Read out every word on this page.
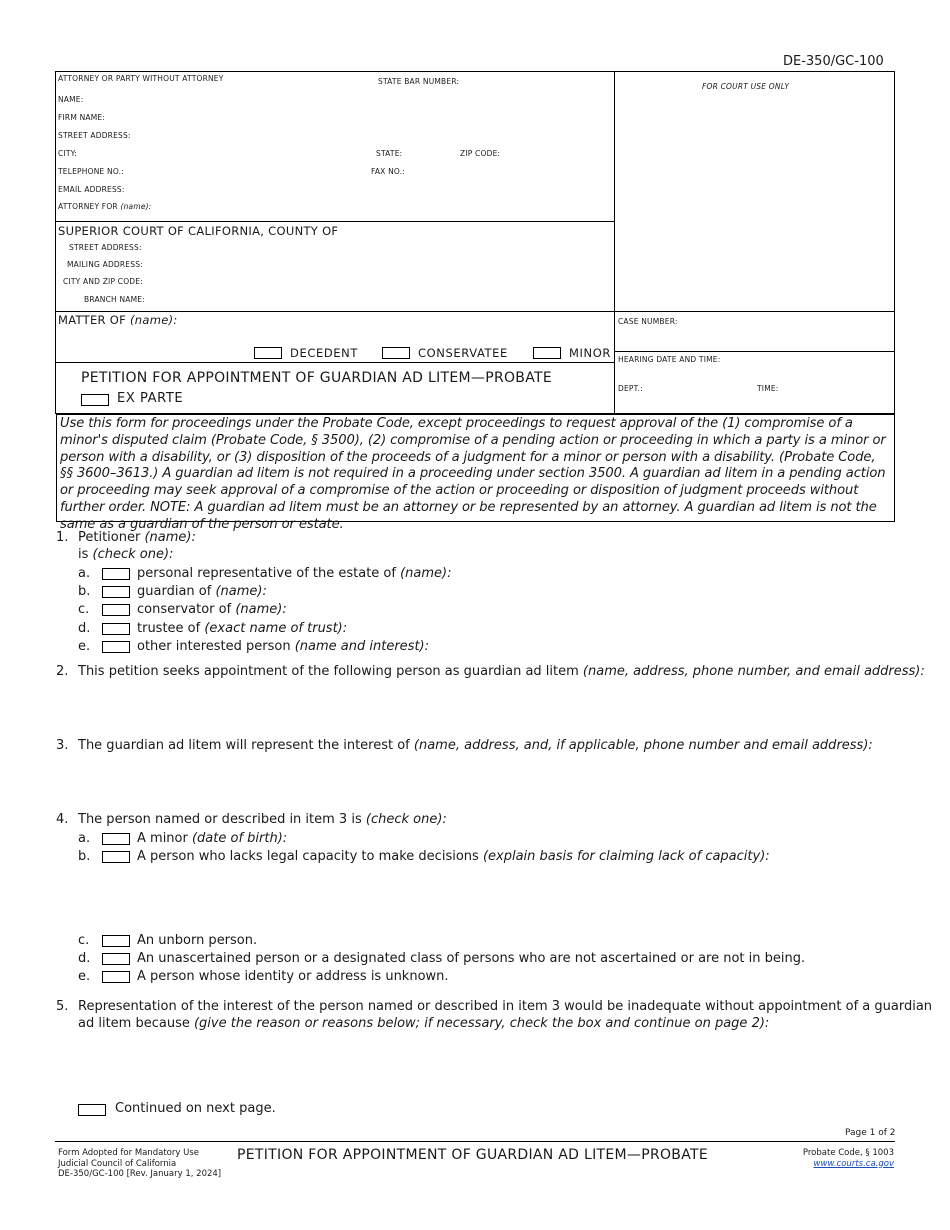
DE-350/GC-100
ATTORNEY OR PARTY WITHOUT ATTORNEY	STATE BAR NUMBER:
NAME:
FIRM NAME:
STREET ADDRESS:
CITY:	STATE:	ZIP CODE:
TELEPHONE NO.:	FAX NO.:
EMAIL ADDRESS:
ATTORNEY FOR (name):
FOR COURT USE ONLY
SUPERIOR COURT OF CALIFORNIA, COUNTY OF
STREET ADDRESS:
MAILING ADDRESS:
CITY AND ZIP CODE:
BRANCH NAME:
MATTER OF (name):
DECEDENT	CONSERVATEE	MINOR
CASE NUMBER:
HEARING DATE AND TIME:
DEPT.:	TIME:
PETITION FOR APPOINTMENT OF GUARDIAN AD LITEM—PROBATE
EX PARTE
Use this form for proceedings under the Probate Code, except proceedings to request approval of the (1) compromise of a minor's disputed claim (Probate Code, § 3500), (2) compromise of a pending action or proceeding in which a party is a minor or person with a disability, or (3) disposition of the proceeds of a judgment for a minor or person with a disability. (Probate Code, §§ 3600–3613.) A guardian ad litem is not required in a proceeding under section 3500. A guardian ad litem in a pending action or proceeding may seek approval of a compromise of the action or proceeding or disposition of judgment proceeds without further order. NOTE: A guardian ad litem must be an attorney or be represented by an attorney. A guardian ad litem is not the same as a guardian of the person or estate.
1. Petitioner (name):
is (check one):
a.	personal representative of the estate of (name):
b.	guardian of (name):
c.	conservator of (name):
d.	trustee of (exact name of trust):
e.	other interested person (name and interest):
2. This petition seeks appointment of the following person as guardian ad litem (name, address, phone number, and email address):
3. The guardian ad litem will represent the interest of (name, address, and, if applicable, phone number and email address):
4. The person named or described in item 3 is (check one):
a.	A minor (date of birth):
b.	A person who lacks legal capacity to make decisions (explain basis for claiming lack of capacity):
c.	An unborn person.
d.	An unascertained person or a designated class of persons who are not ascertained or are not in being.
e.	A person whose identity or address is unknown.
5. Representation of the interest of the person named or described in item 3 would be inadequate without appointment of a guardian
ad litem because (give the reason or reasons below; if necessary, check the box and continue on page 2):
Continued on next page.
Page 1 of 2
Form Adopted for Mandatory Use
Judicial Council of California
DE-350/GC-100 [Rev. January 1, 2024]
PETITION FOR APPOINTMENT OF GUARDIAN AD LITEM—PROBATE	Probate Code, § 1003
www.courts.ca.gov
